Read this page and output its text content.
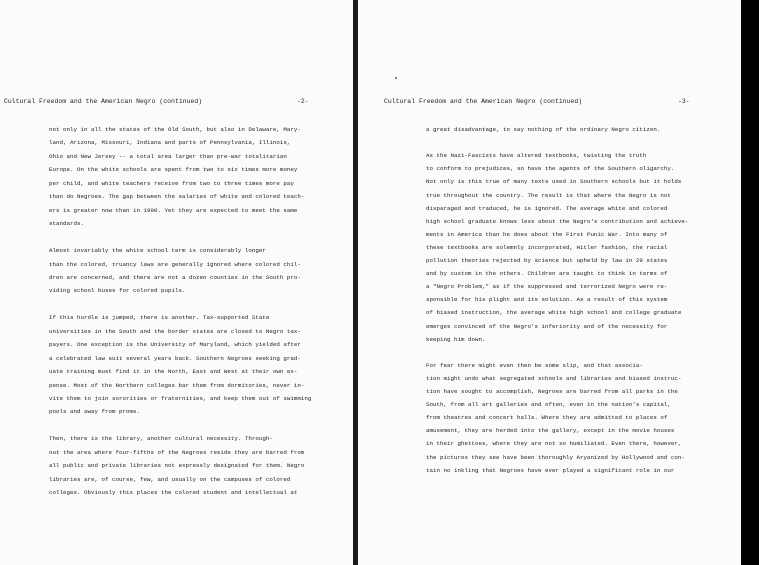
Cultural Freedom and the American Negro (continued)	-2-
not only in all the states of the Old South, but also in Delaware, Mary-
land, Arizona, Missouri, Indiana and parts of Pennsylvania, Illinois,
Ohio and New Jersey -- a total area larger than pre-war totalitarian
Europe. On the white schools are spent from two to six times more money
per child, and white teachers receive from two to three times more pay
than do Negroes. The gap between the salaries of white and colored teach-
ers is greater now than in 1900. Yet they are expected to meet the same
standards.
Almost invariably the white school term is considerably longer
than the colored, truancy laws are generally ignored where colored chil-
dren are concerned, and there are not a dozen counties in the South pro-
viding school buses for colored pupils.
If this hurdle is jumped, there is another. Tax-supported State
universities in the South and the border states are closed to Negro tax-
payers. One exception is the University of Maryland, which yielded after
a celebrated law suit several years back. Southern Negroes seeking grad-
uate training must find it in the North, East and West at their own ex-
pense. Most of the Northern colleges bar them from dormitories, never in-
vite them to join sororities or fraternities, and keep them out of swimming
pools and away from proms.
Then, there is the library, another cultural necessity. Through-
out the area where four-fifths of the Negroes reside they are barred from
all public and private libraries not expressly designated for them. Negro
libraries are, of course, few, and usually on the campuses of colored
colleges. Obviously this places the colored student and intellectual at
Cultural Freedom and the American Negro (continued)	-3-
a great disadvantage, to say nothing of the ordinary Negro citizen.
As the Nazi-Fascists have altered textbooks, twisting the truth
to conform to prejudices, so have the agents of the Southern oligarchy.
Not only is this true of many texts used in Southern schools but it holds
true throughout the country. The result is that where the Negro is not
disparaged and traduced, he is ignored. The average white and colored
high school graduate knows less about the Negro's contribution and achieve-
ments in America than he does about the First Punic War. Into many of
these textbooks are solemnly incorporated, Hitler fashion, the racial
pollution theories rejected by science but upheld by law in 29 states
and by custom in the others. Children are taught to think in terms of
a "Negro Problem," as if the suppressed and terrorized Negro were re-
sponsible for his plight and its solution. As a result of this system
of biased instruction, the average white high school and college graduate
emerges convinced of the Negro's inferiority and of the necessity for
keeping him down.
For fear there might even then be some slip, and that associa-
tion might undo what segregated schools and libraries and biased instruc-
tion have sought to accomplish, Negroes are barred from all parks in the
South, from all art galleries and often, even in the nation's capital,
from theatres and concert halls. Where they are admitted to places of
amusement, they are herded into the gallery, except in the movie houses
in their ghettoes, where they are not so humiliated. Even there, however,
the pictures they see have been thoroughly Aryanized by Hollywood and con-
tain no inkling that Negroes have ever played a significant role in our
